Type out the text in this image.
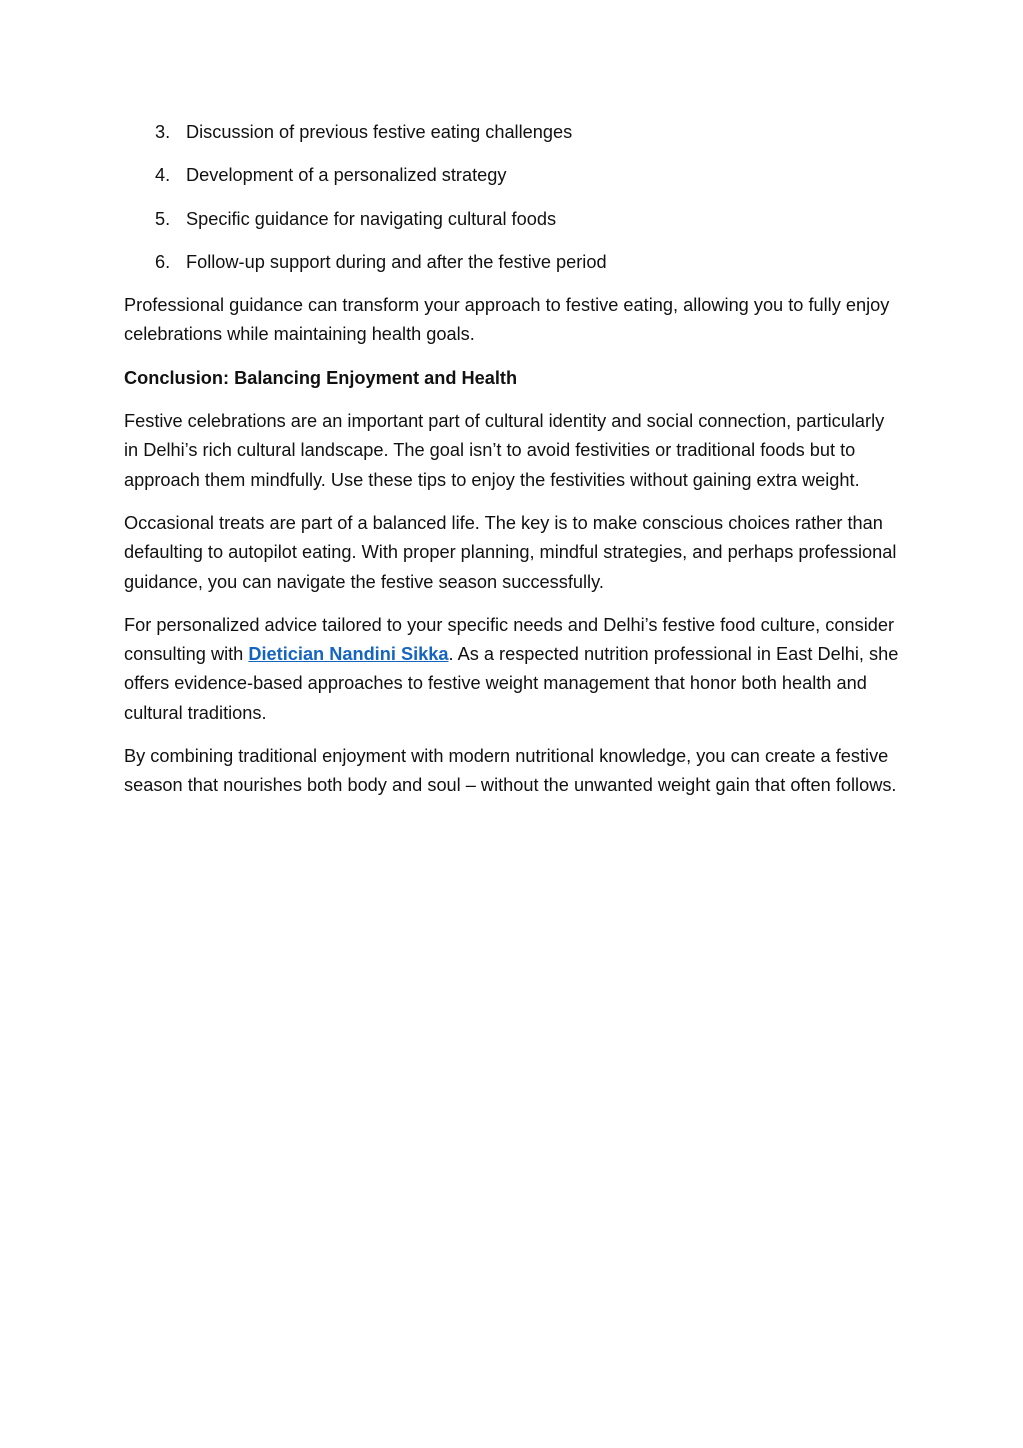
3. Discussion of previous festive eating challenges
4. Development of a personalized strategy
5. Specific guidance for navigating cultural foods
6. Follow-up support during and after the festive period

Professional guidance can transform your approach to festive eating, allowing you to fully enjoy celebrations while maintaining health goals.

Conclusion: Balancing Enjoyment and Health

Festive celebrations are an important part of cultural identity and social connection, particularly in Delhi’s rich cultural landscape. The goal isn’t to avoid festivities or traditional foods but to approach them mindfully. Use these tips to enjoy the festivities without gaining extra weight.

Occasional treats are part of a balanced life. The key is to make conscious choices rather than defaulting to autopilot eating. With proper planning, mindful strategies, and perhaps professional guidance, you can navigate the festive season successfully.

For personalized advice tailored to your specific needs and Delhi’s festive food culture, consider consulting with Dietician Nandini Sikka. As a respected nutrition professional in East Delhi, she offers evidence-based approaches to festive weight management that honor both health and cultural traditions.

By combining traditional enjoyment with modern nutritional knowledge, you can create a festive season that nourishes both body and soul – without the unwanted weight gain that often follows.
